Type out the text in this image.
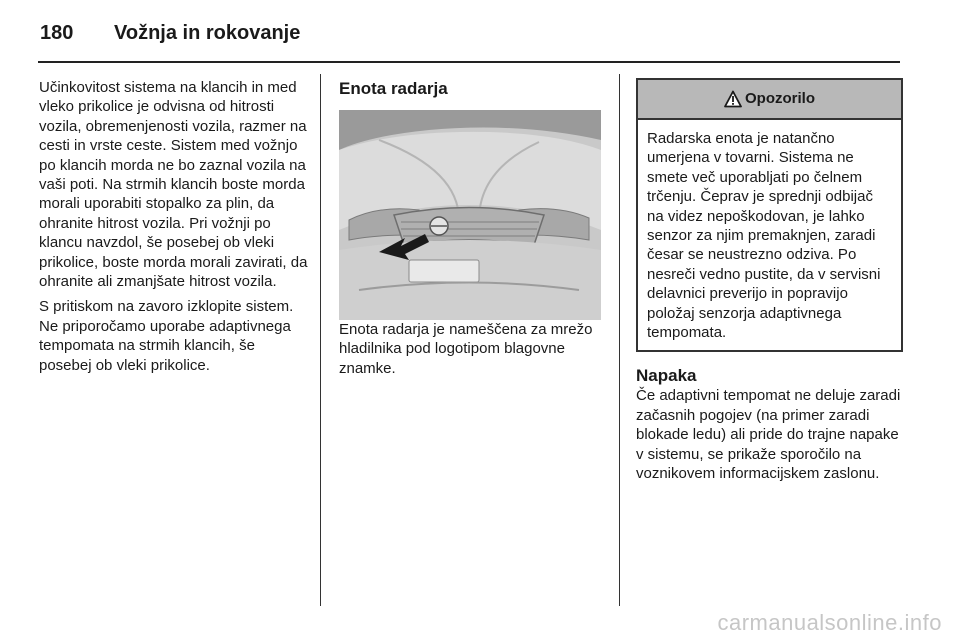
180 Vožnja in rokovanje

Učinkovitost sistema na klancih in med vleko prikolice je odvisna od hitrosti vozila, obremenjenosti vozila, razmer na cesti in vrste ceste. Sistem med vožnjo po klancih morda ne bo zaznal vozila na vaši poti. Na strmih klancih boste morda morali uporabiti stopalko za plin, da ohranite hitrost vozila. Pri vožnji po klancu navzdol, še posebej ob vleki prikolice, boste morda morali zavirati, da ohranite ali zmanjšate hitrost vozila.

S pritiskom na zavoro izklopite sistem. Ne priporočamo uporabe adaptivnega tempomata na strmih klancih, še posebej ob vleki prikolice.

Enota radarja

Enota radarja je nameščena za mrežo hladilnika pod logotipom blagovne znamke.

Opozorilo
Radarska enota je natančno umerjena v tovarni. Sistema ne smete več uporabljati po čelnem trčenju. Čeprav je sprednji odbijač na videz nepoškodovan, je lahko senzor za njim premaknjen, zaradi česar se neustrezno odziva. Po nesreči vedno pustite, da v servisni delavnici preverijo in popravijo položaj senzorja adaptivnega tempomata.
Napaka

Če adaptivni tempomat ne deluje zaradi začasnih pogojev (na primer zaradi blokade ledu) ali pride do trajne napake v sistemu, se prikaže sporočilo na voznikovem informacijskem zaslonu.

carmanualsonline.info
